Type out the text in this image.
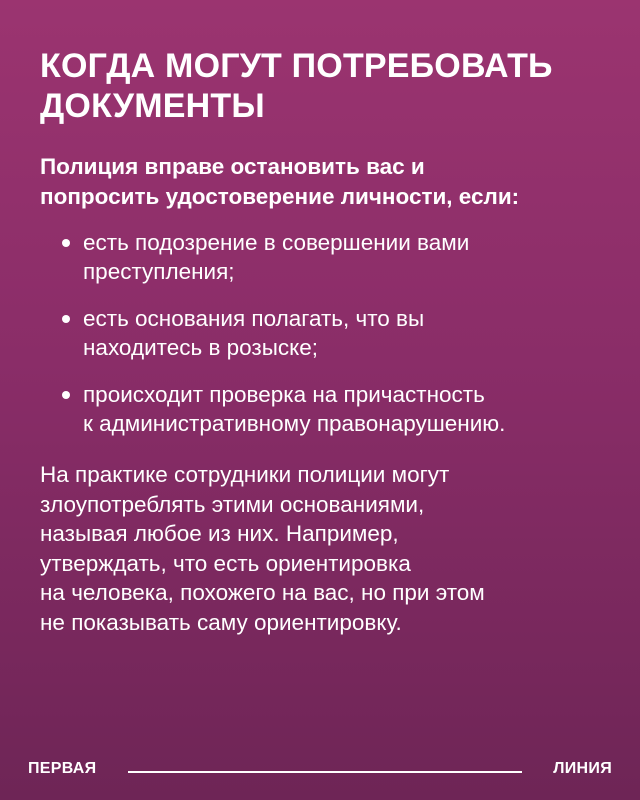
КОГДА МОГУТ ПОТРЕБОВАТЬ
ДОКУМЕНТЫ
Полиция вправе остановить вас и
попросить удостоверение личности, если:
есть подозрение в совершении вами
преступления;
есть основания полагать, что вы
находитесь в розыске;
происходит проверка на причастность
к административному правонарушению.
На практике сотрудники полиции могут
злоупотреблять этими основаниями,
называя любое из них. Например,
утверждать, что есть ориентировка
на человека, похожего на вас, но при этом
не показывать саму ориентировку.
ПЕРВАЯ	ЛИНИЯ
